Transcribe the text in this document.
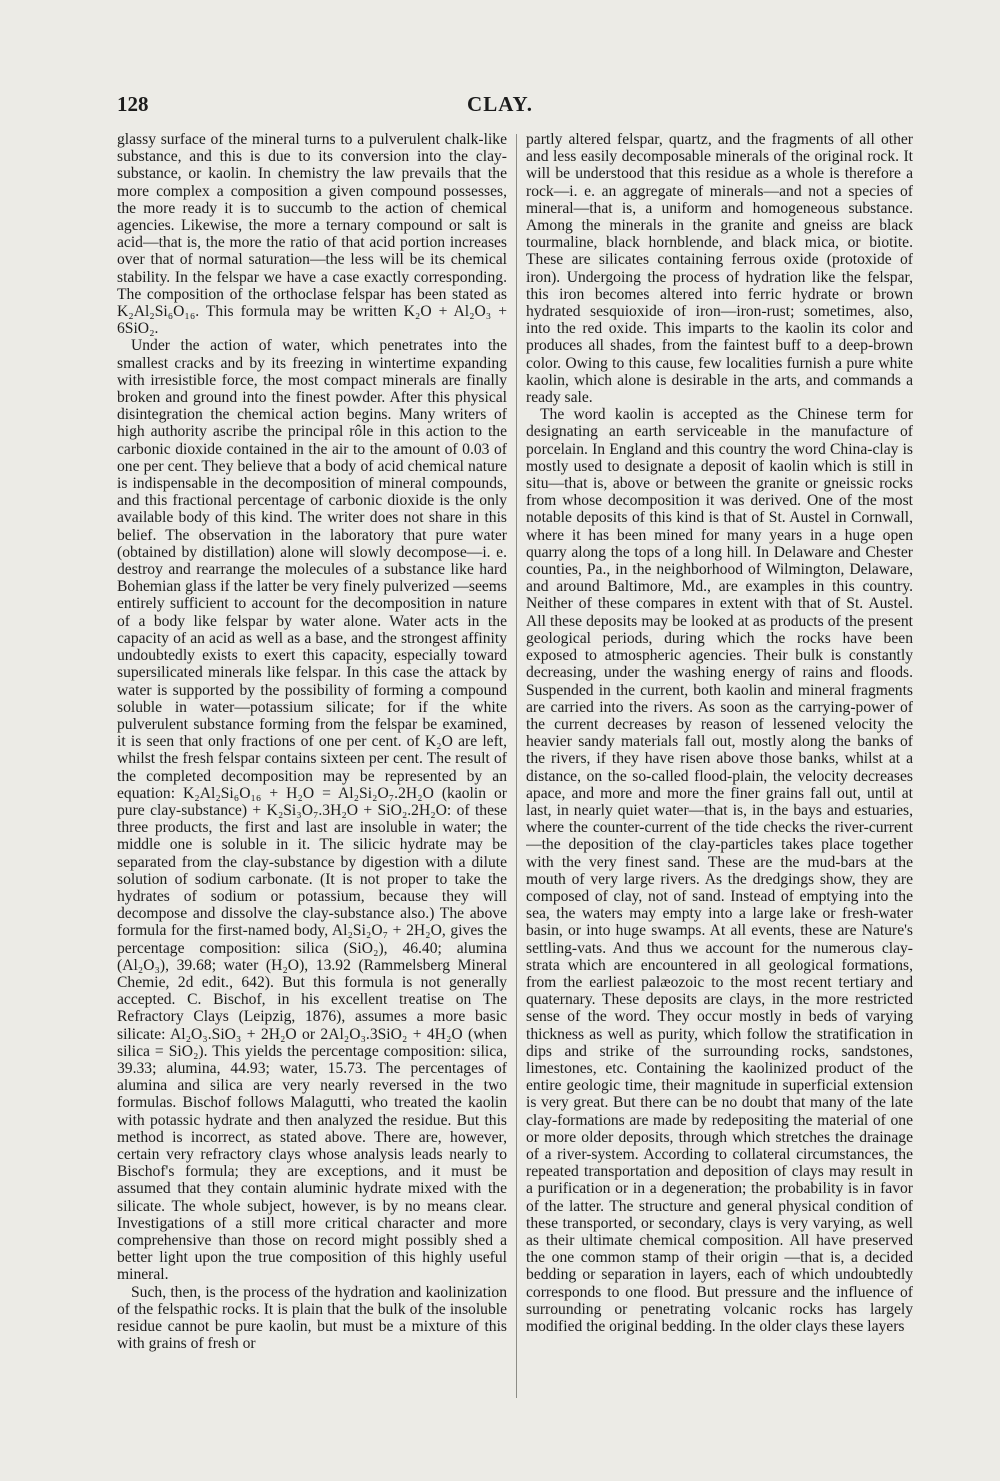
128	CLAY.

glassy surface of the mineral turns to a pulverulent chalk-like substance, and this is due to its conversion into the clay-substance, or kaolin. In chemistry the law prevails that the more complex a composition a given compound possesses, the more ready it is to succumb to the action of chemical agencies. Likewise, the more a ternary compound or salt is acid—that is, the more the ratio of that acid portion increases over that of normal saturation—the less will be its chemical stability. In the felspar we have a case exactly corresponding. The composition of the orthoclase felspar has been stated as K₂Al₂Si₆O₁₆. This formula may be written K₂O + Al₂O₃ + 6SiO₂.

Under the action of water, which penetrates into the smallest cracks and by its freezing in wintertime expanding with irresistible force, the most compact minerals are finally broken and ground into the finest powder. After this physical disintegration the chemical action begins. Many writers of high authority ascribe the principal rôle in this action to the carbonic dioxide contained in the air to the amount of 0.03 of one per cent. They believe that a body of acid chemical nature is indispensable in the decomposition of mineral compounds, and this fractional percentage of carbonic dioxide is the only available body of this kind. The writer does not share in this belief. The observation in the laboratory that pure water (obtained by distillation) alone will slowly decompose—i. e. destroy and rearrange the molecules of a substance like hard Bohemian glass if the latter be very finely pulverized —seems entirely sufficient to account for the decomposition in nature of a body like felspar by water alone. Water acts in the capacity of an acid as well as a base, and the strongest affinity undoubtedly exists to exert this capacity, especially toward supersilicated minerals like felspar. In this case the attack by water is supported by the possibility of forming a compound soluble in water—potassium silicate; for if the white pulverulent substance forming from the felspar be examined, it is seen that only fractions of one per cent. of K₂O are left, whilst the fresh felspar contains sixteen per cent. The result of the completed decomposition may be represented by an equation: K₂Al₂Si₆O₁₆ + H₂O = Al₂Si₂O₇.2H₂O (kaolin or pure clay-substance) + K₂Si₃O₇.3H₂O + SiO₂.2H₂O: of these three products, the first and last are insoluble in water; the middle one is soluble in it. The silicic hydrate may be separated from the clay-substance by digestion with a dilute solution of sodium carbonate. (It is not proper to take the hydrates of sodium or potassium, because they will decompose and dissolve the clay-substance also.) The above formula for the first-named body, Al₂Si₂O₇ + 2H₂O, gives the percentage composition: silica (SiO₂), 46.40; alumina (Al₂O₃), 39.68; water (H₂O), 13.92 (Rammelsberg Mineral Chemie, 2d edit., 642). But this formula is not generally accepted. C. Bischof, in his excellent treatise on The Refractory Clays (Leipzig, 1876), assumes a more basic silicate: Al₂O₃.SiO₃ + 2H₂O or 2Al₂O₃.3SiO₂ + 4H₂O (when silica = SiO₂). This yields the percentage composition: silica, 39.33; alumina, 44.93; water, 15.73. The percentages of alumina and silica are very nearly reversed in the two formulas. Bischof follows Malagutti, who treated the kaolin with potassic hydrate and then analyzed the residue. But this method is incorrect, as stated above. There are, however, certain very refractory clays whose analysis leads nearly to Bischof's formula; they are exceptions, and it must be assumed that they contain aluminic hydrate mixed with the silicate. The whole subject, however, is by no means clear. Investigations of a still more critical character and more comprehensive than those on record might possibly shed a better light upon the true composition of this highly useful mineral.

Such, then, is the process of the hydration and kaolinization of the felspathic rocks. It is plain that the bulk of the insoluble residue cannot be pure kaolin, but must be a mixture of this with grains of fresh or

partly altered felspar, quartz, and the fragments of all other and less easily decomposable minerals of the original rock. It will be understood that this residue as a whole is therefore a rock—i. e. an aggregate of minerals—and not a species of mineral—that is, a uniform and homogeneous substance. Among the minerals in the granite and gneiss are black tourmaline, black hornblende, and black mica, or biotite. These are silicates containing ferrous oxide (protoxide of iron). Undergoing the process of hydration like the felspar, this iron becomes altered into ferric hydrate or brown hydrated sesquioxide of iron—iron-rust; sometimes, also, into the red oxide. This imparts to the kaolin its color and produces all shades, from the faintest buff to a deep-brown color. Owing to this cause, few localities furnish a pure white kaolin, which alone is desirable in the arts, and commands a ready sale.

The word kaolin is accepted as the Chinese term for designating an earth serviceable in the manufacture of porcelain. In England and this country the word China-clay is mostly used to designate a deposit of kaolin which is still in situ—that is, above or between the granite or gneissic rocks from whose decomposition it was derived. One of the most notable deposits of this kind is that of St. Austel in Cornwall, where it has been mined for many years in a huge open quarry along the tops of a long hill. In Delaware and Chester counties, Pa., in the neighborhood of Wilmington, Delaware, and around Baltimore, Md., are examples in this country. Neither of these compares in extent with that of St. Austel. All these deposits may be looked at as products of the present geological periods, during which the rocks have been exposed to atmospheric agencies. Their bulk is constantly decreasing, under the washing energy of rains and floods. Suspended in the current, both kaolin and mineral fragments are carried into the rivers. As soon as the carrying-power of the current decreases by reason of lessened velocity the heavier sandy materials fall out, mostly along the banks of the rivers, if they have risen above those banks, whilst at a distance, on the so-called flood-plain, the velocity decreases apace, and more and more the finer grains fall out, until at last, in nearly quiet water—that is, in the bays and estuaries, where the counter-current of the tide checks the river-current—the deposition of the clay-particles takes place together with the very finest sand. These are the mud-bars at the mouth of very large rivers. As the dredgings show, they are composed of clay, not of sand. Instead of emptying into the sea, the waters may empty into a large lake or fresh-water basin, or into huge swamps. At all events, these are Nature's settling-vats. And thus we account for the numerous clay-strata which are encountered in all geological formations, from the earliest palæozoic to the most recent tertiary and quaternary. These deposits are clays, in the more restricted sense of the word. They occur mostly in beds of varying thickness as well as purity, which follow the stratification in dips and strike of the surrounding rocks, sandstones, limestones, etc. Containing the kaolinized product of the entire geologic time, their magnitude in superficial extension is very great. But there can be no doubt that many of the late clay-formations are made by redepositing the material of one or more older deposits, through which stretches the drainage of a river-system. According to collateral circumstances, the repeated transportation and deposition of clays may result in a purification or in a degeneration; the probability is in favor of the latter. The structure and general physical condition of these transported, or secondary, clays is very varying, as well as their ultimate chemical composition. All have preserved the one common stamp of their origin —that is, a decided bedding or separation in layers, each of which undoubtedly corresponds to one flood. But pressure and the influence of surrounding or penetrating volcanic rocks has largely modified the original bedding. In the older clays these layers
